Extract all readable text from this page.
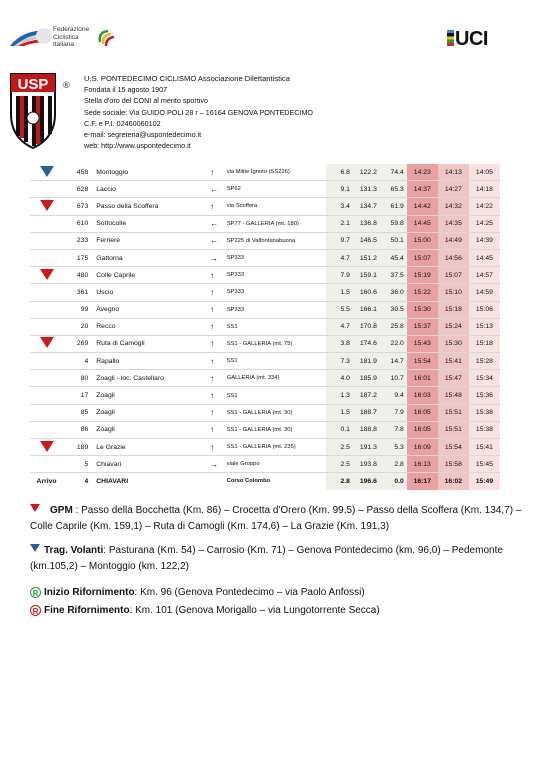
Federazione
Ciclistica
Italiana	UCI
USP ®
U.S. PONTEDECIMO CICLISMO Associazione Dilettantistica
Fondata il 15 agosto 1907
Stella d'oro del CONI al merito sportivo
Sede sociale: Via GUIDO POLI 28 r – 16164 GENOVA PONTEDECIMO
C.F. e P.I. 02460060102
e-mail: segreteria@uspontedecimo.it
web: http://www.uspontedecimo.it
	458	Montoggio	↑	via Milite Ignoto (SS226)	6.8	122.2	74.4	14:23	14:13	14:05
	628	Laccio	←	SP62	9.1	131.3	65.3	14:37	14:27	14:18
	673	Passo della Scoffera	↑	via Scoffera	3.4	134.7	61.9	14:42	14:32	14:22
	610	Sottocolle	←	SP77 - GALLERIA (mt. 180)	2.1	136.8	59.8	14:45	14:35	14:25
	233	Ferriere	←	SP225 di Valfontanabuona	9.7	146.5	50.1	15:00	14:49	14:39
	175	Gattorna	→	SP333	4.7	151.2	45.4	15:07	14:56	14:45
	480	Colle Caprile	↑	SP333	7.9	159.1	37.5	15:19	15:07	14:57
	361	Uscio	↑	SP333	1.5	160.6	36.0	15:22	15:10	14:59
	99	Avegno	↑	SP333	5.5	166.1	30.5	15:30	15:18	15:06
	20	Recco	↑	SS1	4.7	170.8	25.8	15:37	15:24	15:13
	269	Ruta di Camogli	↑	SS1 - GALLERIA (mt. 75)	3.8	174.6	22.0	15:43	15:30	15:18
	4	Rapallo	↑	SS1	7.3	181.9	14.7	15:54	15:41	15:28
	80	Zoagli - loc. Castellaro	↑	GALLERIA (mt. 334)	4.0	185.9	10.7	16:01	15:47	15:34
	17	Zoagli	↑	SS1	1.3	187.2	9.4	16:03	15:48	15:36
	85	Zoagli	↑	SS1 - GALLERIA (mt. 30)	1.5	188.7	7.9	16:05	15:51	15:38
	86	Zoagli	↑	SS1 - GALLERIA (mt. 30)	0.1	188.8	7.8	16:05	15:51	15:38
	189	Le Grazie	↑	SS1 - GALLERIA (mt. 235)	2.5	191.3	5.3	16:09	15:54	15:41
	5	Chiavari	→	viale Groppo	2.5	193.8	2.8	16:13	15:58	15:45
Arrivo	4	CHIAVARI		Corso Colombo	2.8	196.6	0.0	16:17	16:02	15:49
GPM : Passo della Bocchetta (Km. 86) – Crocetta d'Orero (Km. 99,5) – Passo della Scoffera (Km. 134,7) – Colle Caprile (Km. 159,1) – Ruta di Camogli (Km. 174,6) – La Grazie (Km. 191,3)
Trag. Volanti: Pasturana (Km. 54) – Carrosio (Km. 71) – Genova Pontedecimo (km. 96,0) – Pedemonte (km.105,2) – Montoggio (km. 122,2)
R Inizio Rifornimento: Km. 96 (Genova Pontedecimo – via Paolo Anfossi)
R Fine Rifornimento: Km. 101 (Genova Morigallo – via Lungotorrente Secca)
